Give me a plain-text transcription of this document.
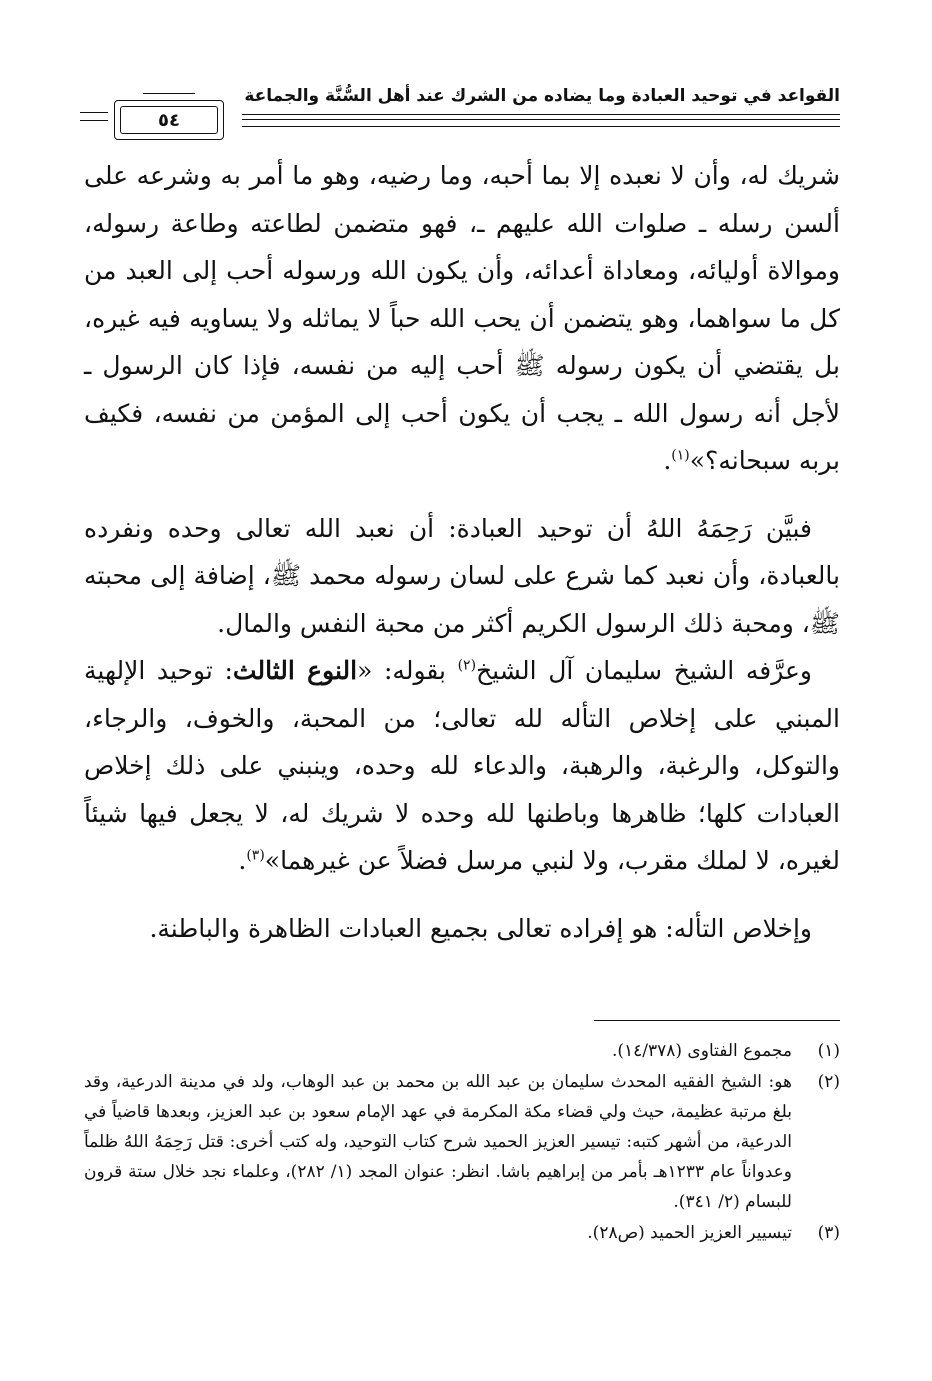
القواعد في توحيد العبادة وما يضاده من الشرك عند أهل السُّنَّة والجماعة
٥٤

شريك له، وأن لا نعبده إلا بما أحبه، وما رضيه، وهو ما أمر به وشرعه على ألسن رسله ـ صلوات الله عليهم ـ، فهو متضمن لطاعته وطاعة رسوله، وموالاة أوليائه، ومعاداة أعدائه، وأن يكون الله ورسوله أحب إلى العبد من كل ما سواهما، وهو يتضمن أن يحب الله حباً لا يماثله ولا يساويه فيه غيره، بل يقتضي أن يكون رسوله ﷺ أحب إليه من نفسه، فإذا كان الرسول ـ لأجل أنه رسول الله ـ يجب أن يكون أحب إلى المؤمن من نفسه، فكيف بربه سبحانه؟»$^{(١)}$.

فبيَّن رَحِمَهُ اللهُ أن توحيد العبادة: أن نعبد الله تعالى وحده ونفرده بالعبادة، وأن نعبد كما شرع على لسان رسوله محمد ﷺ، إضافة إلى محبته ﷺ، ومحبة ذلك الرسول الكريم أكثر من محبة النفس والمال.

وعرَّفه الشيخ سليمان آل الشيخ$^{(٢)}$ بقوله: «النوع الثالث: توحيد الإلهية المبني على إخلاص التأله لله تعالى؛ من المحبة، والخوف، والرجاء، والتوكل، والرغبة، والرهبة، والدعاء لله وحده، وينبني على ذلك إخلاص العبادات كلها؛ ظاهرها وباطنها لله وحده لا شريك له، لا يجعل فيها شيئاً لغيره، لا لملك مقرب، ولا لنبي مرسل فضلاً عن غيرهما»$^{(٣)}$.

وإخلاص التأله: هو إفراده تعالى بجميع العبادات الظاهرة والباطنة.

(١)
مجموع الفتاوى (١٤/٣٧٨).
(٢)
هو: الشيخ الفقيه المحدث سليمان بن عبد الله بن محمد بن عبد الوهاب، ولد في مدينة الدرعية، وقد بلغ مرتبة عظيمة، حيث ولي قضاء مكة المكرمة في عهد الإمام سعود بن عبد العزيز، وبعدها قاضياً في الدرعية، من أشهر كتبه: تيسير العزيز الحميد شرح كتاب التوحيد، وله كتب أخرى: قتل رَحِمَهُ اللهُ ظلماً وعدواناً عام ١٢٣٣هـ بأمر من إبراهيم باشا. انظر: عنوان المجد (١/ ٢٨٢)، وعلماء نجد خلال ستة قرون للبسام (٢/ ٣٤١).
(٣)
تيسيير العزيز الحميد (ص٢٨).
